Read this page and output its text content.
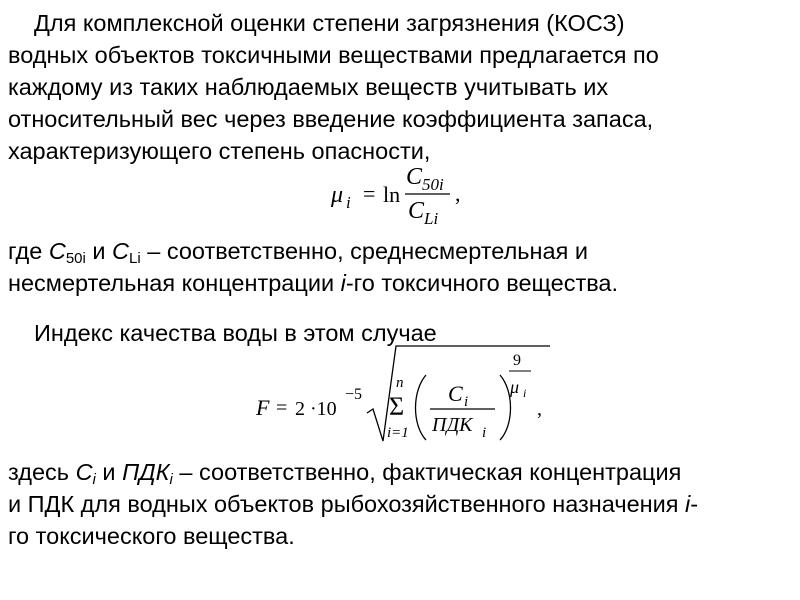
Для комплексной оценки степени загрязнения (КОСЗ)
водных объектов токсичными веществами предлагается по
каждому из таких наблюдаемых веществ учитывать их
относительный вес через введение коэффициента запаса,
характеризующего степень опасности,
μ i = ln
C 50i
C Li
,
где $C_{50i}$ и $C_{Li}$ – соответственно, среднесмертельная и
несмертельная концентрации i-го токсичного вещества.
Индекс качества воды в этом случае
F = 2 ·10
−5
n
Σ
i=1
C i
ПДК i
9
μ i
,
здесь Ci и ПДКi – соответственно, фактическая концентрация
и ПДК для водных объектов рыбохозяйственного назначения i-
го токсического вещества.
